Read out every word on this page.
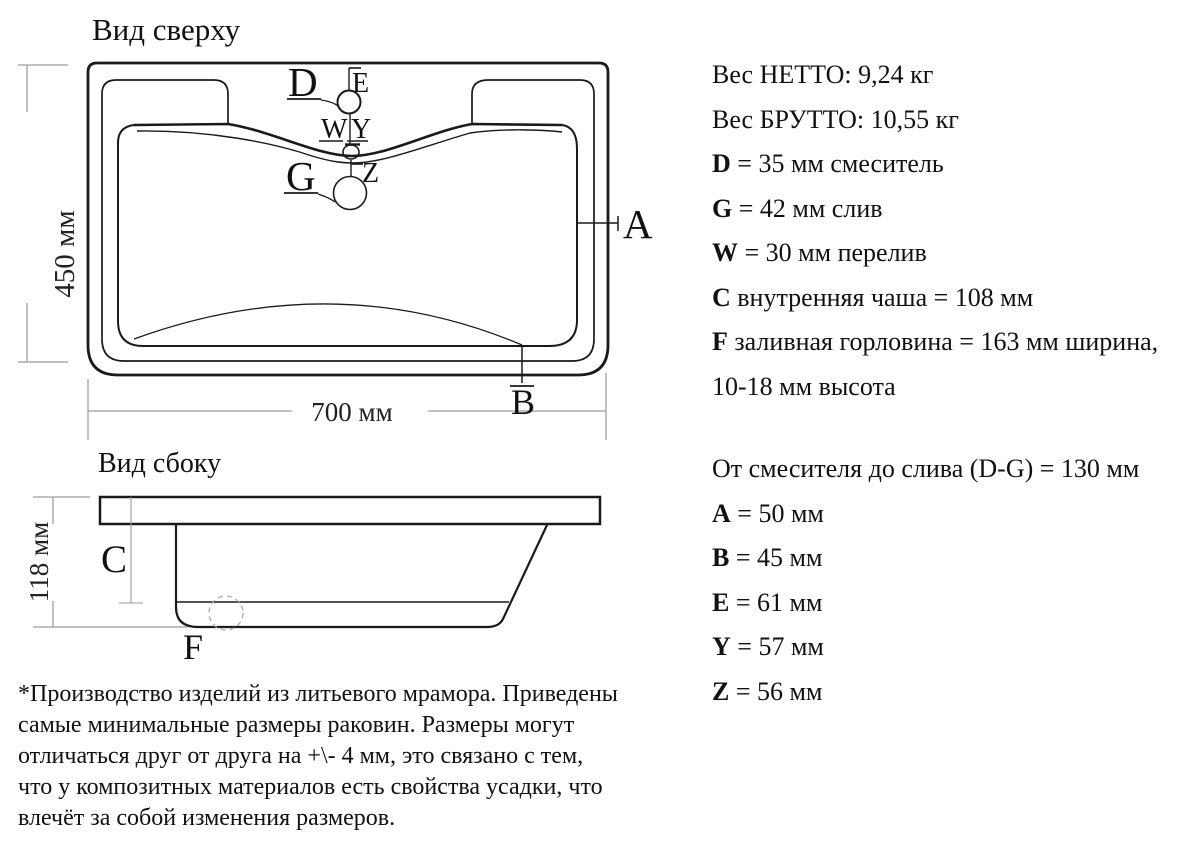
Вид сверху
Вид сбоку
D E
W Y
Z
G
A
B
450 мм
700 мм
C
F
118 мм
Вес НЕТТО: 9,24 кг
Вес БРУТТО: 10,55 кг
D = 35 мм смеситель
G = 42 мм слив
W = 30 мм перелив
C внутренняя чаша = 108 мм
F заливная горловина = 163 мм ширина,
10-18 мм высота
От смесителя до слива (D-G) = 130 мм
A = 50 мм
B = 45 мм
E = 61 мм
Y = 57 мм
Z = 56 мм
*Производство изделий из литьевого мрамора. Приведены
самые минимальные размеры раковин. Размеры могут
отличаться друг от друга на +\- 4 мм, это связано с тем,
что у композитных материалов есть свойства усадки, что
влечёт за собой изменения размеров.
